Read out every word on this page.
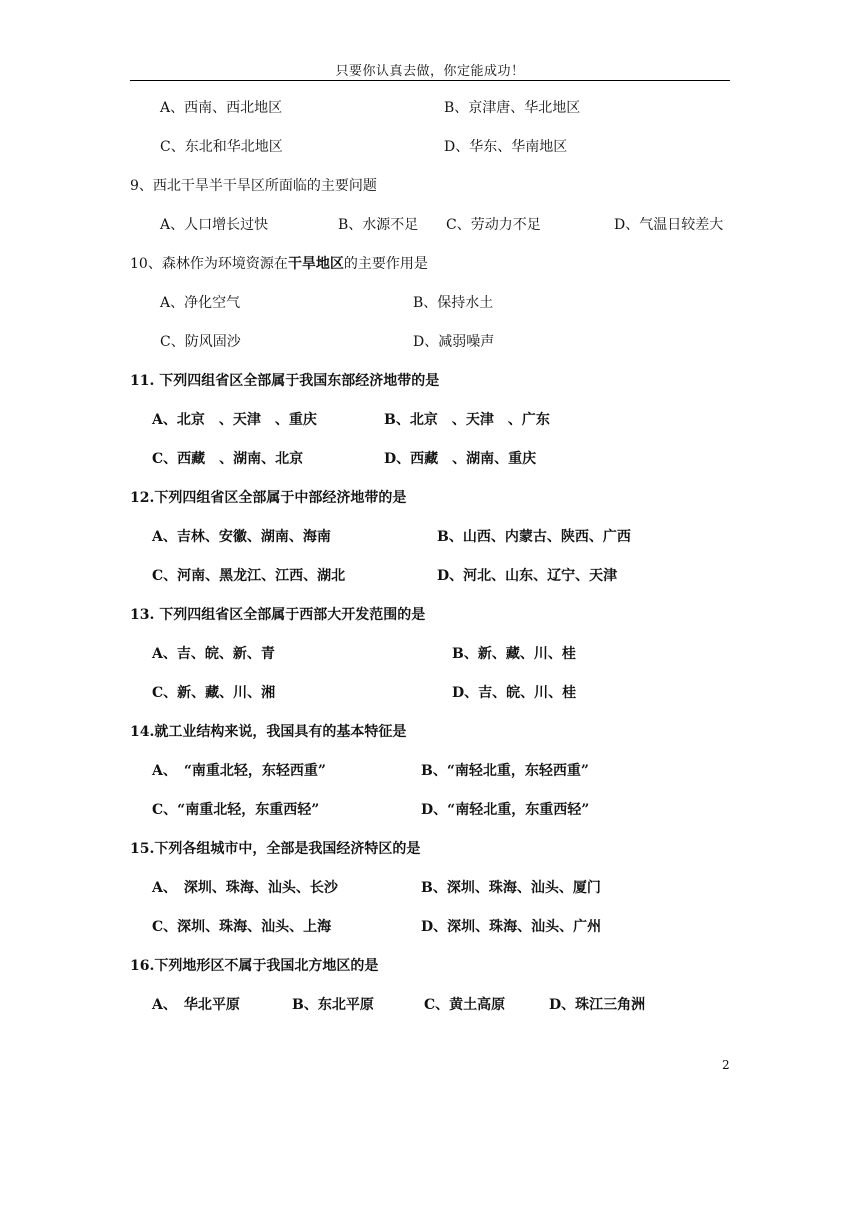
只要你认真去做，你定能成功！
A、西南、西北地区	B、京津唐、华北地区
C、东北和华北地区	D、华东、华南地区
9、西北干旱半干旱区所面临的主要问题
A、人口增长过快	B、水源不足 C、劳动力不足	D、气温日较差大
10、森林作为环境资源在干旱地区的主要作用是
A、净化空气	B、保持水土
C、防风固沙	D、减弱噪声
11. 下列四组省区全部属于我国东部经济地带的是
A、北京　、天津　、重庆	B、北京　、天津　、广东
C、西藏　、湖南、北京	D、西藏　、湖南、重庆
12.下列四组省区全部属于中部经济地带的是
A、吉林、安徽、湖南、海南	B、山西、内蒙古、陕西、广西
C、河南、黑龙江、江西、湖北	D、河北、山东、辽宁、天津
13. 下列四组省区全部属于西部大开发范围的是
A、吉、皖、新、青	B、新、藏、川、桂
C、新、藏、川、湘	D、吉、皖、川、桂
14.就工业结构来说，我国具有的基本特征是
A、　“南重北轻，东轻西重”	B、“南轻北重，东轻西重”
C、“南重北轻，东重西轻”	D、“南轻北重，东重西轻”
15.下列各组城市中，全部是我国经济特区的是
A、　深圳、珠海、汕头、长沙	B、深圳、珠海、汕头、厦门
C、深圳、珠海、汕头、上海	D、深圳、珠海、汕头、广州
16.下列地形区不属于我国北方地区的是
A、　华北平原	B、东北平原	C、黄土高原	D、珠江三角洲
2
